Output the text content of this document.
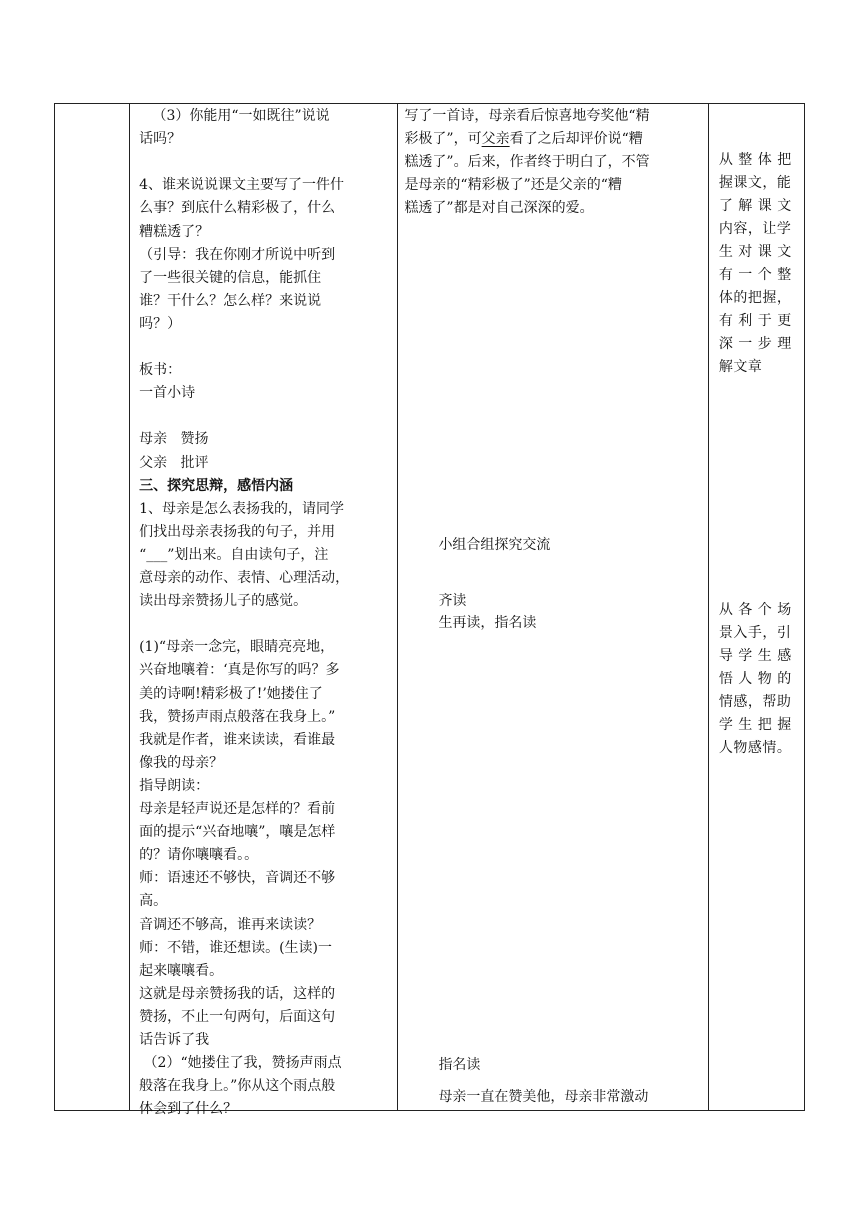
（3）你能用“一如既往”说说
话吗？
4、谁来说说课文主要写了一件什
么事？到底什么精彩极了，什么
糟糕透了？
（引导：我在你刚才所说中听到
了一些很关键的信息，能抓住
谁？干什么？怎么样？来说说
吗？）
板书：
一首小诗
母亲   赞扬
父亲   批评
三、探究思辩，感悟内涵
1、母亲是怎么表扬我的，请同学
们找出母亲表扬我的句子，并用
“___”划出来。自由读句子，注
意母亲的动作、表情、心理活动，
读出母亲赞扬儿子的感觉。
(1)“母亲一念完，眼睛亮亮地，
兴奋地嚷着：‘真是你写的吗？多
美的诗啊!精彩极了!’她搂住了
我，赞扬声雨点般落在我身上。”
我就是作者，谁来读读，看谁最
像我的母亲？
指导朗读：
母亲是轻声说还是怎样的？看前
面的提示“兴奋地嚷”，嚷是怎样
的？请你嚷嚷看。。
师：语速还不够快，音调还不够
高。
音调还不够高，谁再来读读？
师：不错，谁还想读。(生读)一
起来嚷嚷看。
这就是母亲赞扬我的话，这样的
赞扬，不止一句两句，后面这句
话告诉了我
（2）“她搂住了我，赞扬声雨点
般落在我身上。”你从这个雨点般
体会到了什么？

写了一首诗，母亲看后惊喜地夸奖他“精
彩极了”，可父亲看了之后却评价说“糟
糕透了”。后来，作者终于明白了，不管
是母亲的“精彩极了”还是父亲的“糟
糕透了”都是对自己深深的爱。
小组合组探究交流
齐读
生再读，指名读
指名读
母亲一直在赞美他，母亲非常激动

从 整 体 把
握课文，能
了 解 课 文
内容，让学
生 对 课 文
有 一 个 整
体的把握，
有 利 于 更
深 一 步 理
解文章
从 各 个 场
景入手，引
导 学 生 感
悟 人 物 的
情感，帮助
学 生 把 握
人物感情。
